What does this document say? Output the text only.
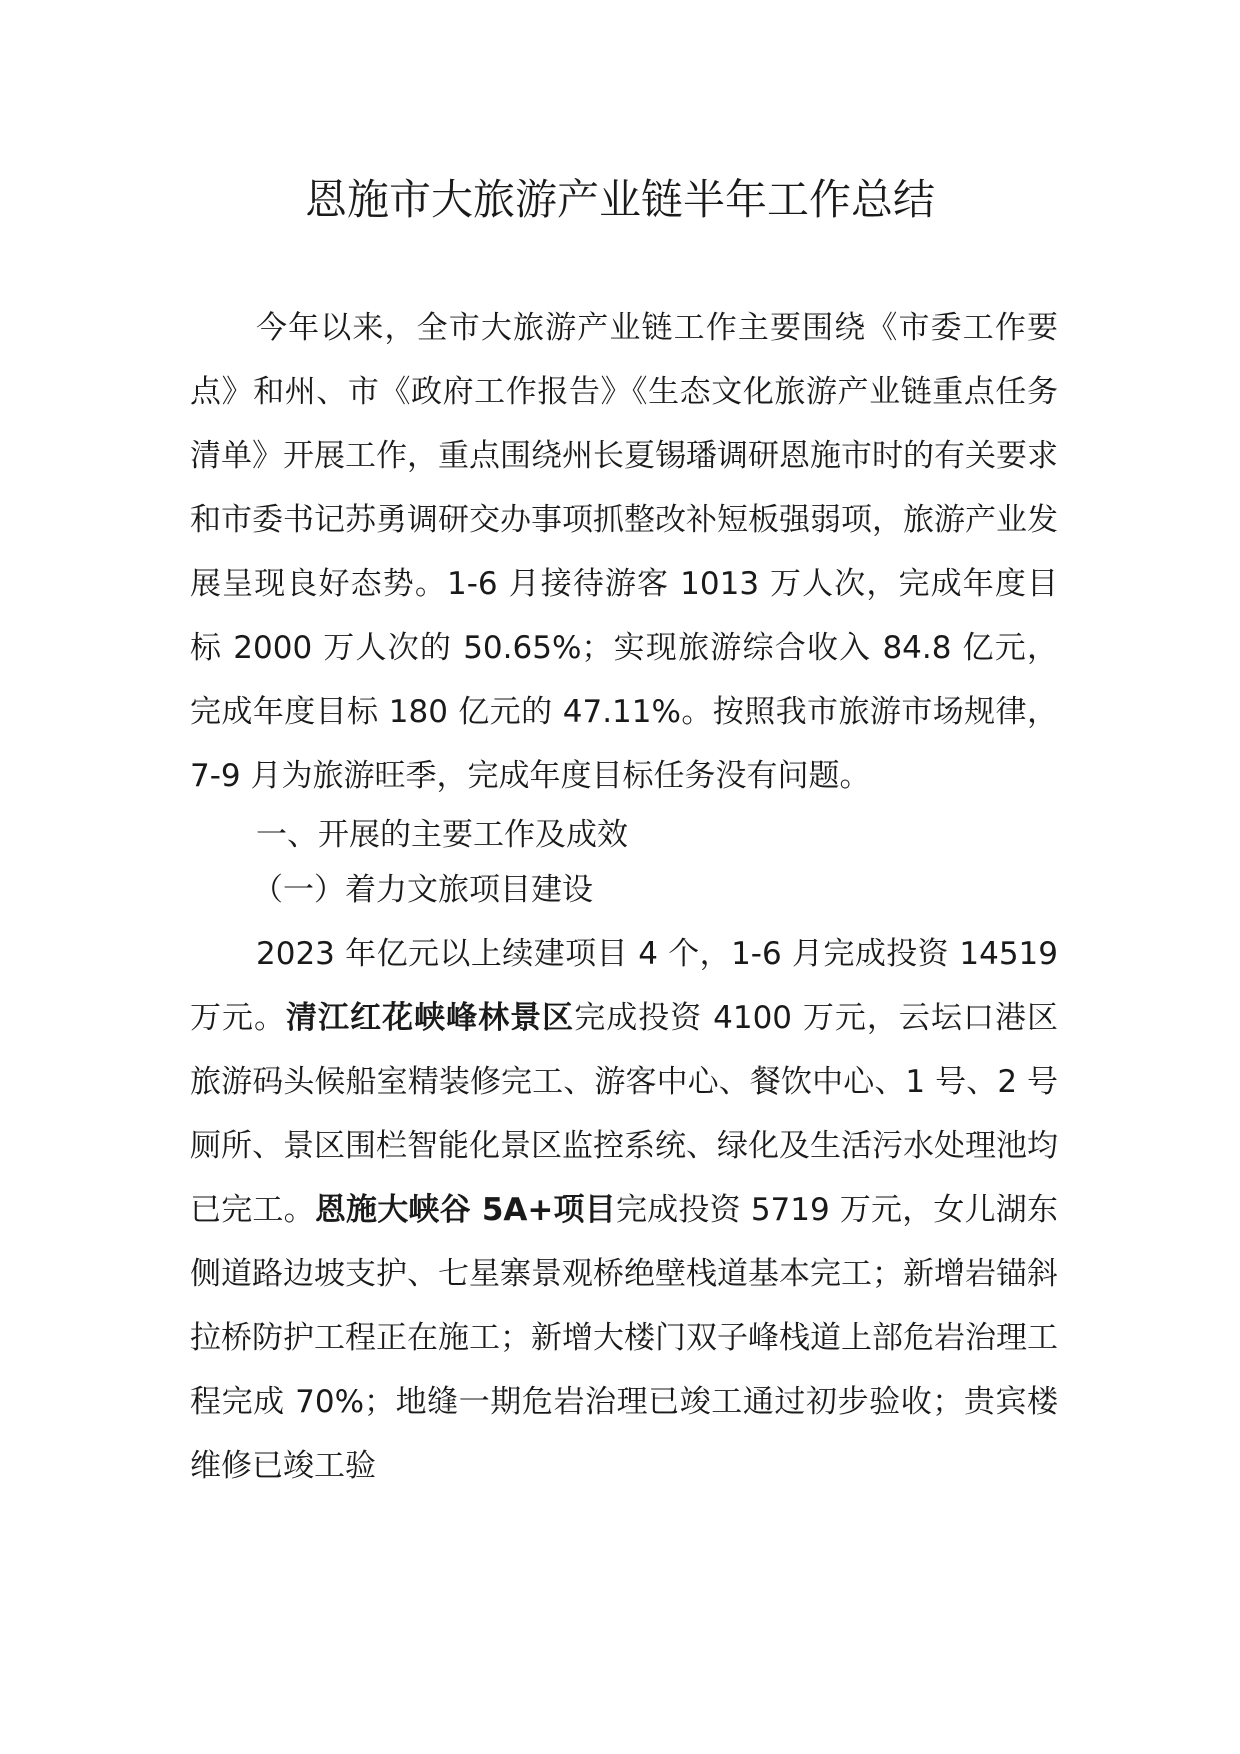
恩施市大旅游产业链半年工作总结

今年以来，全市大旅游产业链工作主要围绕《市委工作要点》和州、市《政府工作报告》《生态文化旅游产业链重点任务清单》开展工作，重点围绕州长夏锡璠调研恩施市时的有关要求和市委书记苏勇调研交办事项抓整改补短板强弱项，旅游产业发展呈现良好态势。1-6 月接待游客 1013 万人次，完成年度目标 2000 万人次的 50.65%；实现旅游综合收入 84.8 亿元，完成年度目标 180 亿元的 47.11%。按照我市旅游市场规律，7-9 月为旅游旺季，完成年度目标任务没有问题。

一、开展的主要工作及成效

（一）着力文旅项目建设

2023 年亿元以上续建项目 4 个，1-6 月完成投资 14519 万元。清江红花峡峰林景区完成投资 4100 万元，云坛口港区旅游码头候船室精装修完工、游客中心、餐饮中心、1 号、2 号厕所、景区围栏智能化景区监控系统、绿化及生活污水处理池均已完工。恩施大峡谷 5A+项目完成投资 5719 万元，女儿湖东侧道路边坡支护、七星寨景观桥绝壁栈道基本完工；新增岩锚斜拉桥防护工程正在施工；新增大楼门双子峰栈道上部危岩治理工程完成 70%；地缝一期危岩治理已竣工通过初步验收；贵宾楼维修已竣工验
